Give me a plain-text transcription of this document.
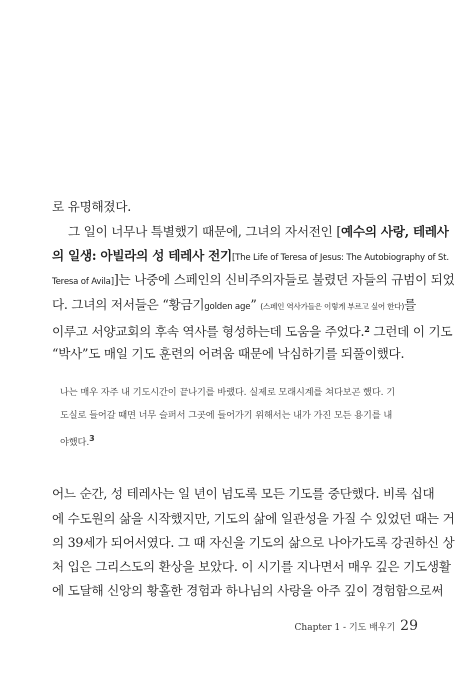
로 유명해졌다.
그 일이 너무나 특별했기 때문에, 그녀의 자서전인 [예수의 사랑, 테레사
의 일생: 아빌라의 성 테레사 전기[The Life of Teresa of Jesus: The Autobiography of St.
Teresa of Avila]]는 나중에 스페인의 신비주의자들로 불렸던 자들의 규범이 되었
다. 그녀의 저서들은 “황금기golden age” (스페인 역사가들은 이렇게 부르고 싶어 한다)를
이루고 서양교회의 후속 역사를 형성하는데 도움을 주었다.$^2$ 그런데 이 기도
“박사”도 매일 기도 훈련의 어려움 때문에 낙심하기를 되풀이했다.
나는 매우 자주 내 기도시간이 끝나기를 바랬다. 실제로 모래시계를 쳐다보곤 했다. 기
도실로 들어갈 때면 너무 슬퍼서 그곳에 들어가기 위해서는 내가 가진 모든 용기를 내
야했다.3
어느 순간, 성 테레사는 일 년이 넘도록 모든 기도를 중단했다. 비록 십대
에 수도원의 삶을 시작했지만, 기도의 삶에 일관성을 가질 수 있었던 때는 거
의 39세가 되어서였다. 그 때 자신을 기도의 삶으로 나아가도록 강권하신 상
처 입은 그리스도의 환상을 보았다. 이 시기를 지나면서 매우 깊은 기도생활
에 도달해 신앙의 황홀한 경험과 하나님의 사랑을 아주 깊이 경험함으로써
Chapter 1 - 기도 배우기 29
